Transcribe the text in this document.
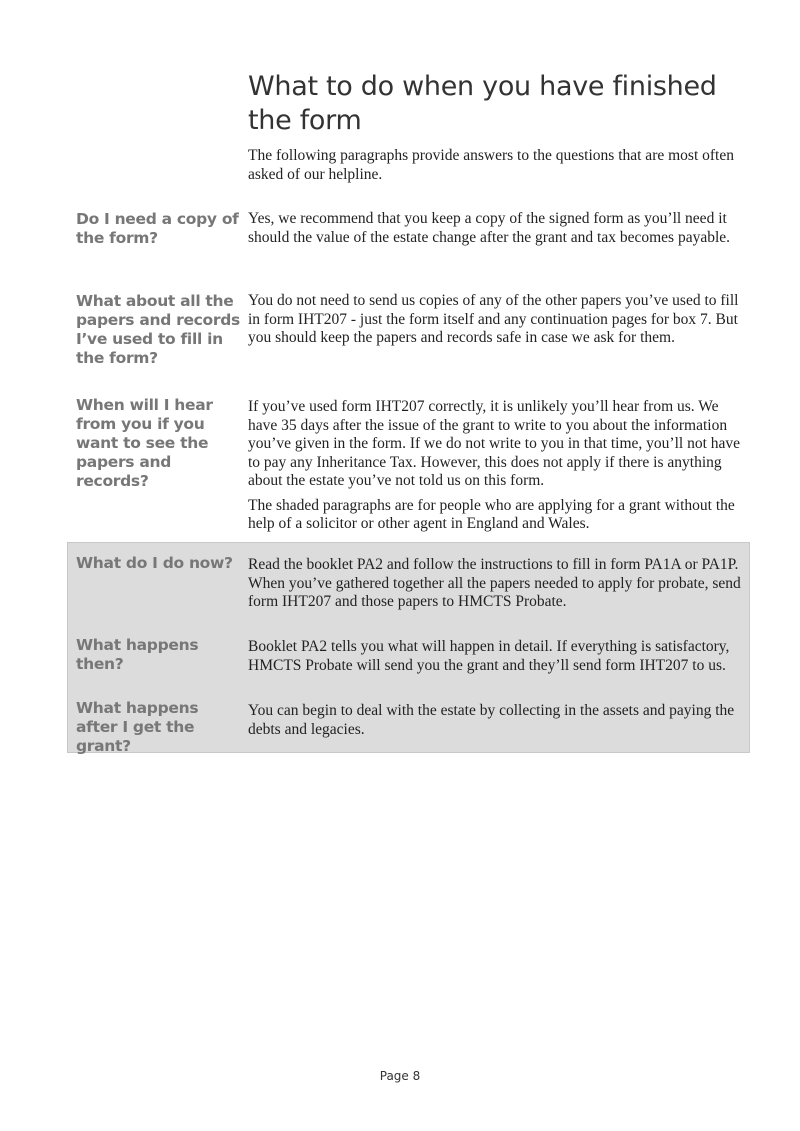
What to do when you have finished the form

The following paragraphs provide answers to the questions that are most often asked of our helpline.

Do I need a copy of the form?

Yes, we recommend that you keep a copy of the signed form as you’ll need it should the value of the estate change after the grant and tax becomes payable.

What about all the papers and records I’ve used to fill in the form?

You do not need to send us copies of any of the other papers you’ve used to fill in form IHT207 - just the form itself and any continuation pages for box 7. But you should keep the papers and records safe in case we ask for them.

When will I hear from you if you want to see the papers and records?

If you’ve used form IHT207 correctly, it is unlikely you’ll hear from us. We have 35 days after the issue of the grant to write to you about the information you’ve given in the form. If we do not write to you in that time, you’ll not have to pay any Inheritance Tax. However, this does not apply if there is anything about the estate you’ve not told us on this form.

The shaded paragraphs are for people who are applying for a grant without the help of a solicitor or other agent in England and Wales.

What do I do now? Read the booklet PA2 and follow the instructions to fill in form PA1A or PA1P. When you’ve gathered together all the papers needed to apply for probate, send form IHT207 and those papers to HMCTS Probate.

What happens then?

Booklet PA2 tells you what will happen in detail. If everything is satisfactory, HMCTS Probate will send you the grant and they’ll send form IHT207 to us.

What happens after I get the grant?

You can begin to deal with the estate by collecting in the assets and paying the debts and legacies.

Page 8
